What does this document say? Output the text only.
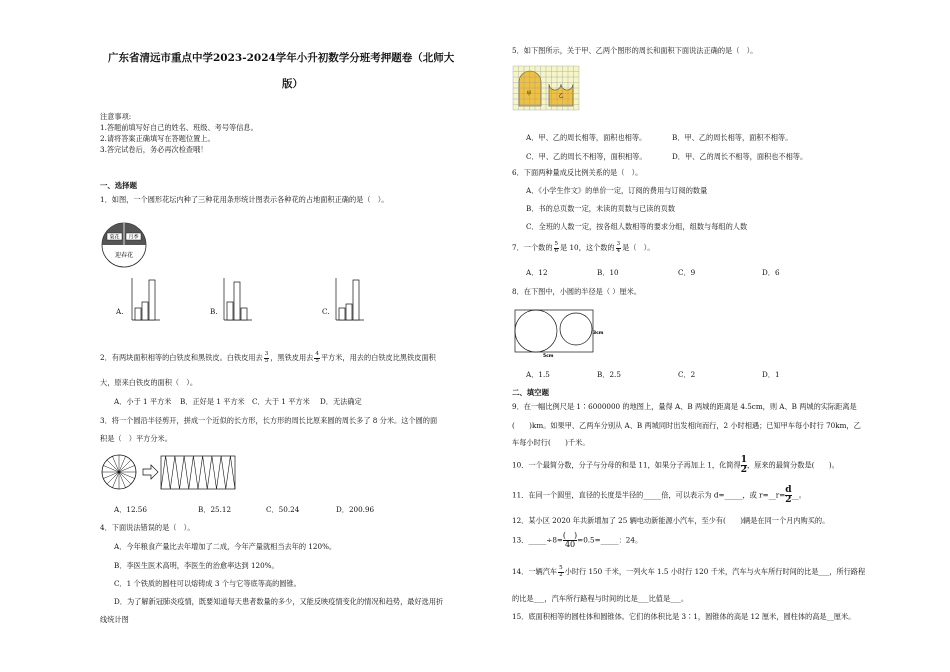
广东省清远市重点中学2023-2024学年小升初数学分班考押题卷（北师大
版）
注意事项:
1.答题前填写好自己的姓名、班级、考号等信息。
2.请将答案正确填写在答题位置上。
3.答完试卷后，务必再次检查哦！
一、选择题
1．如图，一个圆形花坛内种了三种花用条形统计图表示各种花的占地面积正确的是（　）。
菊花 月季
迎春花
A.	B.	C.
2．有两块面积相等的白铁皮和黑铁皮。白铁皮用去 $\frac{3}{5}$ ，黑铁皮用去 $\frac{4}{5}$ 平方米，用去的白铁皮比黑铁皮面积
大，原来白铁皮的面积（　）。
A．小于 1 平方米 B．正好是 1 平方米 C．大于 1 平方米 D．无法确定
3．将一个圆沿半径剪开，拼成一个近似的长方形，长方形的周长比原来圆的周长多了 8 分米。这个圆的面
积是（　）平方分米。
A．12.56	B．25.12	C．50.24	D．200.96
4．下面说法错误的是（　）。
A．今年粮食产量比去年增加了二成，今年产量就相当去年的 120%。
B．李医生医术高明，李医生的治愈率达到 120%。
C．1 个铁质的圆柱可以熔铸成 3 个与它等底等高的圆锥。
D．为了解新冠肺炎疫情，既要知道每天患者数量的多少，又能反映疫情变化的情况和趋势，最好选用折
线统计图
5．如下图所示，关于甲、乙两个图形的周长和面积下面说法正确的是（　）。
甲	乙
A．甲、乙的周长相等，面积也相等。	B．甲、乙的周长相等，面积不相等。
C．甲、乙的周长不相等，面积相等。	D．甲、乙的周长不相等，面积也不相等。
6．下面两种量成反比例关系的是（　）。
A．《小学生作文》的单价一定，订阅的费用与订阅的数量
B．书的总页数一定，未读的页数与已读的页数
C．全班的人数一定，按各组人数相等的要求分组，组数与每组的人数
7．一个数的 $\frac{5}{6}$ 是 10，这个数的 $\frac{3}{4}$ 是（　）。
A．12	B．10	C．9	D．6
8．在下图中，小圆的半径是（ ）厘米。
3cm
5cm
A．1.5	B．2.5	C．2	D．1
二、填空题
9．在一幅比例尺是 1∶6000000 的地图上，量得 A、B 两城的距离是 4.5cm，则 A、B 两城的实际距离是
(　　)km。如果甲、乙两车分别从 A、B 两城同时出发相向而行，2 小时相遇；已知甲车每小时行 70km，乙
车每小时行(　　)千米。
10．一个最简分数，分子与分母的和是 11，如果分子再加上 1，化简得 $\frac{1}{2}$，原来的最简分数是(　　)。
11．在同一个圆里，直径的长度是半径的_____倍，可以表示为 d=_____，或 r=__r= $\frac{d}{2}\_\_$。
12．某小区 2020 年共新增加了 25 辆电动新能源小汽车，至少有(　　)辆是在同一个月内购买的。
13．_____÷8= (　)
40 =0.5=_____：24。
14．一辆汽车 $\frac{5}{2}$ 小时行 150 千米，一列火车 1.5 小时行 120 千米，汽车与火车所行时间的比是___，所行路程
的比是___，汽车所行路程与时间的比是___比值是___。
15．底面积相等的圆柱体和圆锥体。它们的体积比是 3∶1，圆锥体的高是 12 厘米，圆柱体的高是__厘米。
